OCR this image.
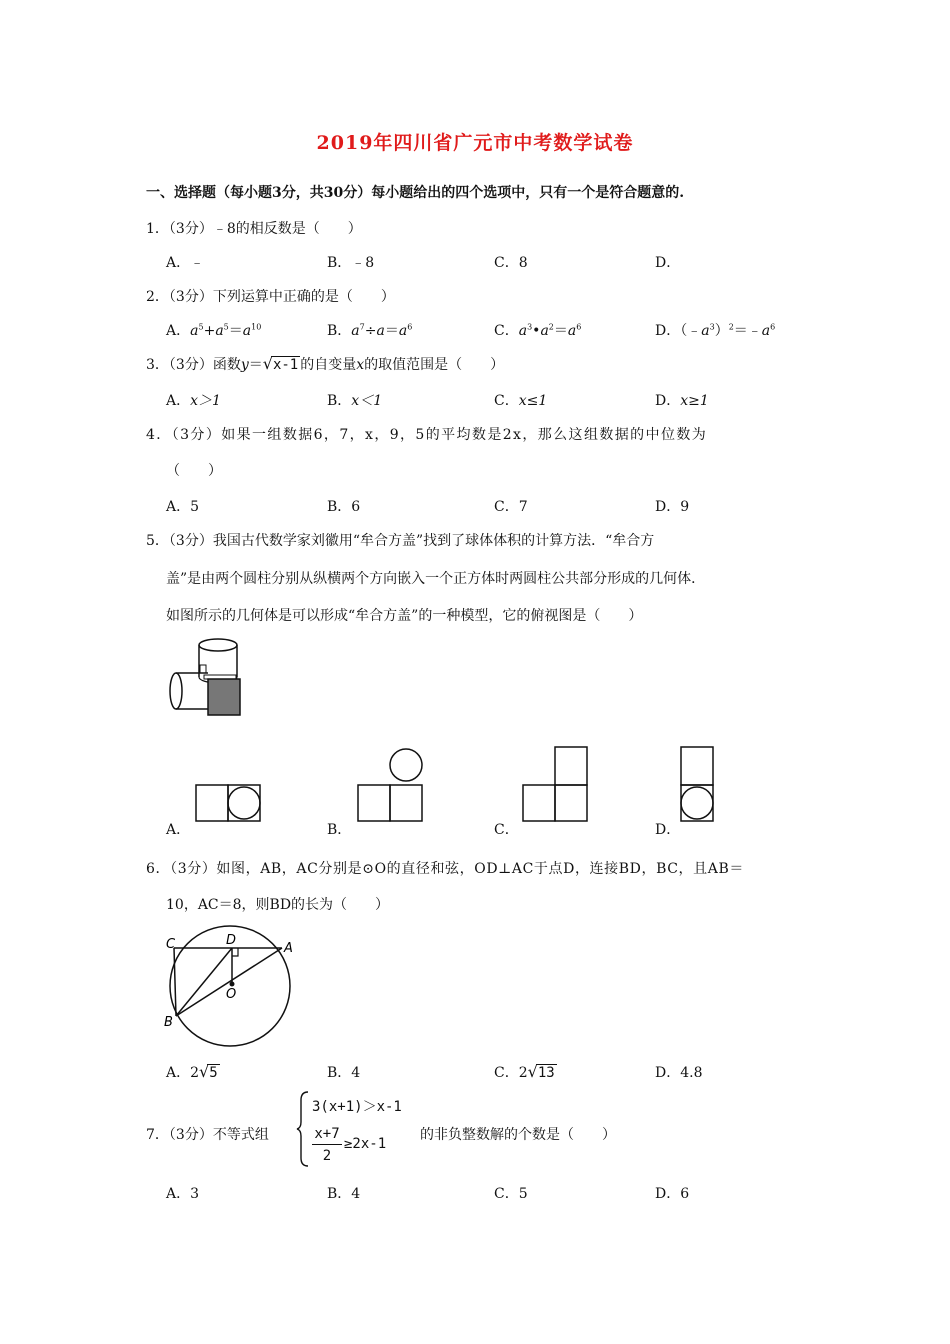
2019年四川省广元市中考数学试卷
一、选择题（每小题3分，共30分）每小题给出的四个选项中，只有一个是符合题意的.
1．（3分）﹣8的相反数是（　　）
A．﹣	B．﹣8	C．8	D．
2．（3分）下列运算中正确的是（　　）
A．$a^5+a^5=a^{10}$	B．$a^7\div a=a^6$	C．$a^3•a^2=a^6$	D．$(﹣a^3)^2=﹣a^6$
3．（3分）函数y＝√x-1 的自变量x的取值范围是（　　）
A．x＞1	B．x＜1	C．x≤1	D．x≥1
4．（3分）如果一组数据6，7，x，9，5的平均数是2x，那么这组数据的中位数为
（　　）
A．5	B．6	C．7	D．9
5．（3分）我国古代数学家刘徽用“牟合方盖”找到了球体体积的计算方法．“牟合方
盖”是由两个圆柱分别从纵横两个方向嵌入一个正方体时两圆柱公共部分形成的几何体．
如图所示的几何体是可以形成“牟合方盖”的一种模型，它的俯视图是（　　）
A．	B．	C．	D．
6．（3分）如图，AB，AC分别是⊙O的直径和弦，OD⊥AC于点D，连接BD，BC，且AB＝
10，AC＝8，则BD的长为（　　）
C	D
A
O
B
A．2√5	B．4	C．2√13	D．4.8
7．（3分）不等式组
3(x+1)＞x-1
x+7
2
≥2x-1
的非负整数解的个数是（　　）
A．3	B．4	C．5	D．6
